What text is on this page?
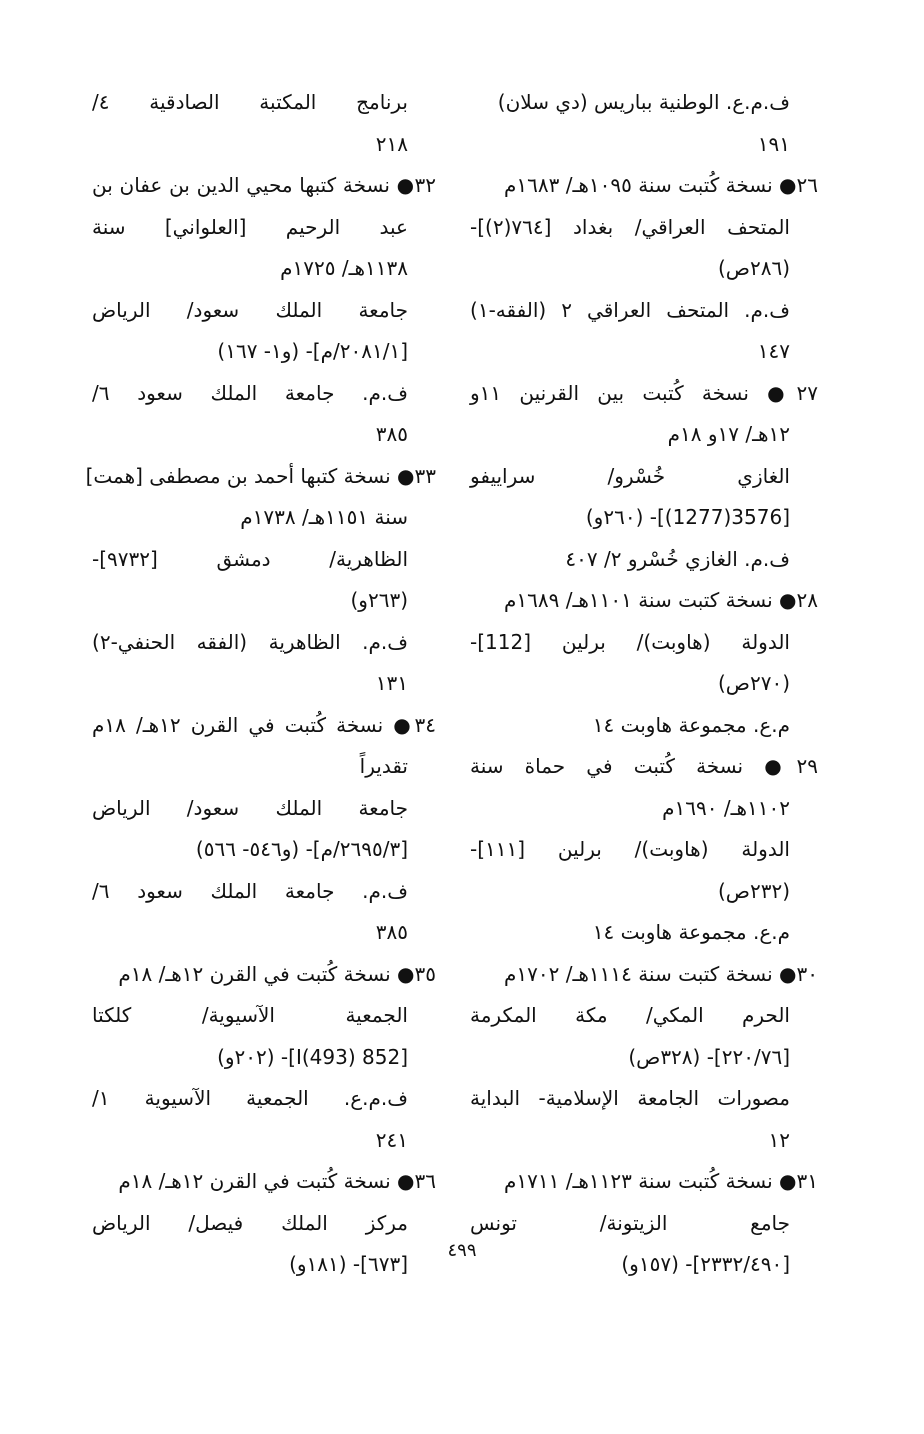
ف.م.ع. الوطنية بباريس (دي سلان)
١٩١
٢٦● نسخة كُتبت سنة ١٠٩٥هـ/ ١٦٨٣م
المتحف العراقي/ بغداد [٧٦٤(٢)]-
(٢٨٦ص)
ف.م. المتحف العراقي ٢ (الفقه-١)
١٤٧
٢٧● نسخة كُتبت بين القرنين ١١و
١٢هـ/ ١٧و ١٨م
الغازي خُسْرو/ سراييفو
[3576(1277)]- (٢٦٠و)
ف.م. الغازي خُسْرو ٢/ ٤٠٧
٢٨● نسخة كتبت سنة ١١٠١هـ/ ١٦٨٩م
الدولة (هاوبت)/ برلين [112]-
(٢٧٠ص)
م.ع. مجموعة هاوبت ١٤
٢٩● نسخة كُتبت في حماة سنة
١١٠٢هـ/ ١٦٩٠م
الدولة (هاوبت)/ برلين [١١١]-
(٢٣٢ص)
م.ع. مجموعة هاوبت ١٤
٣٠● نسخة كتبت سنة ١١١٤هـ/ ١٧٠٢م
الحرم المكي/ مكة المكرمة
[٢٢٠/٧٦]- (٣٢٨ص)
مصورات الجامعة الإسلامية- البداية
١٢
٣١● نسخة كُتبت سنة ١١٢٣هـ/ ١٧١١م
جامع الزيتونة/ تونس
[٢٣٣٢/٤٩٠]- (١٥٧و)
برنامج المكتبة الصادقية ٤/
٢١٨
٣٢● نسخة كتبها محيي الدين بن عفان بن
عبد الرحيم [العلواني] سنة
١١٣٨هـ/ ١٧٢٥م
جامعة الملك سعود/ الرياض
[٢٠٨١/١/م]- (و١- ١٦٧)
ف.م. جامعة الملك سعود ٦/
٣٨٥
٣٣● نسخة كتبها أحمد بن مصطفى [همت]
سنة ١١٥١هـ/ ١٧٣٨م
الظاهرية/ دمشق [٩٧٣٢]-
(٢٦٣و)
ف.م. الظاهرية (الفقه الحنفي-٢)
١٣١
٣٤● نسخة كُتبت في القرن ١٢هـ/ ١٨م
تقديراً
جامعة الملك سعود/ الرياض
[٢٦٩٥/٣/م]- (و٥٤٦- ٥٦٦)
ف.م. جامعة الملك سعود ٦/
٣٨٥
٣٥● نسخة كُتبت في القرن ١٢هـ/ ١٨م
الجمعية الآسيوية/ كلكتا
[852 I(493)]- (٢٠٢و)
ف.م.ع. الجمعية الآسيوية ١/
٢٤١
٣٦● نسخة كُتبت في القرن ١٢هـ/ ١٨م
مركز الملك فيصل/ الرياض
[٦٧٣]- (١٨١و)
٤٩٩
